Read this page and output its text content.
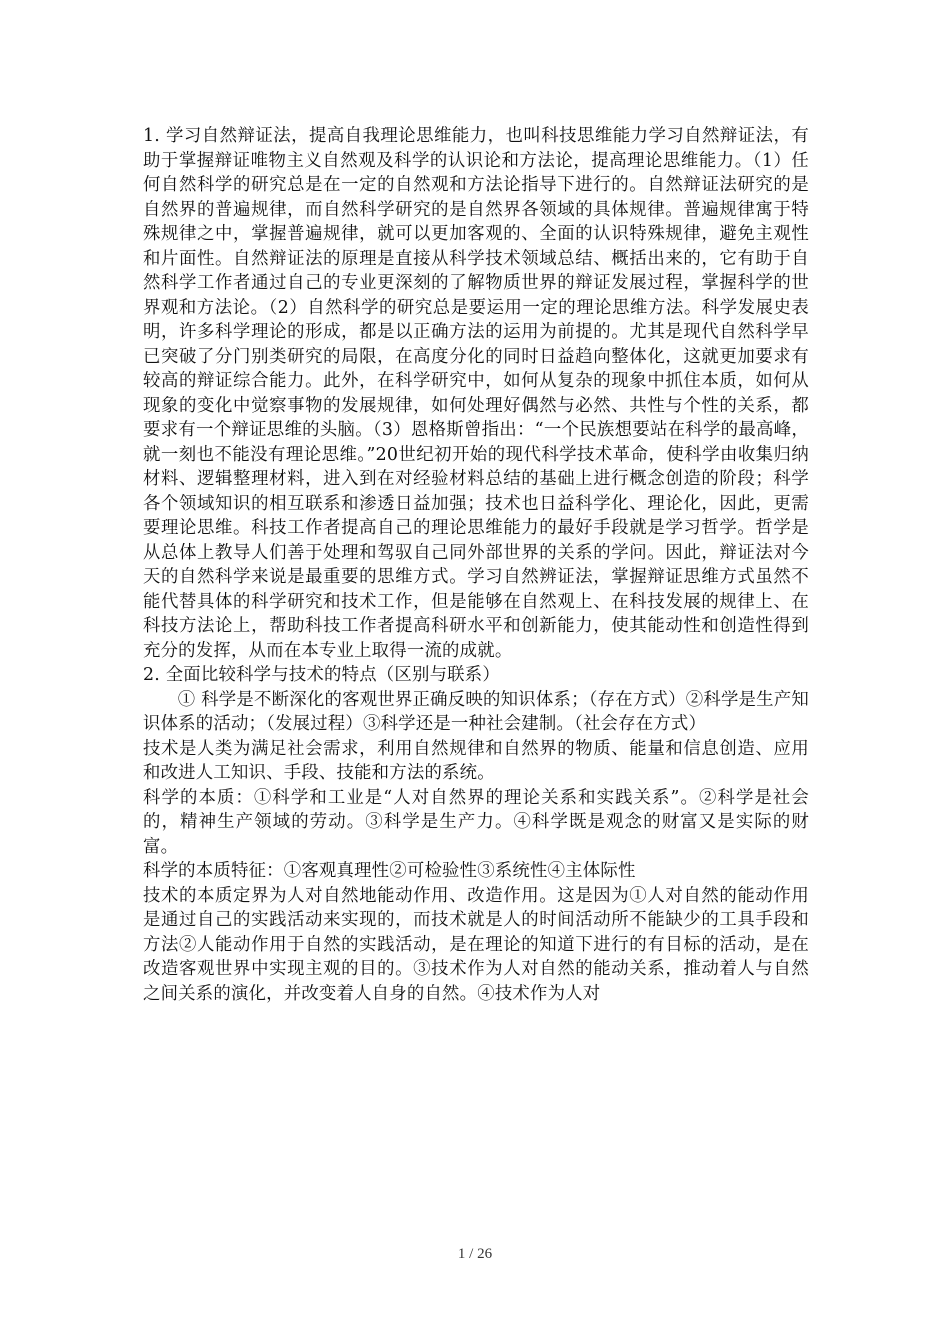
1. 学习自然辩证法，提高自我理论思维能力，也叫科技思维能力学习自然辩证法，有助于掌握辩证唯物主义自然观及科学的认识论和方法论，提高理论思维能力。（1）任何自然科学的研究总是在一定的自然观和方法论指导下进行的。自然辩证法研究的是自然界的普遍规律，而自然科学研究的是自然界各领域的具体规律。普遍规律寓于特殊规律之中，掌握普遍规律，就可以更加客观的、全面的认识特殊规律，避免主观性和片面性。自然辩证法的原理是直接从科学技术领域总结、概括出来的，它有助于自然科学工作者通过自己的专业更深刻的了解物质世界的辩证发展过程，掌握科学的世界观和方法论。（2）自然科学的研究总是要运用一定的理论思维方法。科学发展史表明，许多科学理论的形成，都是以正确方法的运用为前提的。尤其是现代自然科学早已突破了分门别类研究的局限，在高度分化的同时日益趋向整体化，这就更加要求有较高的辩证综合能力。此外，在科学研究中，如何从复杂的现象中抓住本质，如何从现象的变化中觉察事物的发展规律，如何处理好偶然与必然、共性与个性的关系，都要求有一个辩证思维的头脑。（3）恩格斯曾指出：“一个民族想要站在科学的最高峰，就一刻也不能没有理论思维。”20世纪初开始的现代科学技术革命，使科学由收集归纳材料、逻辑整理材料，进入到在对经验材料总结的基础上进行概念创造的阶段；科学各个领域知识的相互联系和渗透日益加强；技术也日益科学化、理论化，因此，更需要理论思维。科技工作者提高自己的理论思维能力的最好手段就是学习哲学。哲学是从总体上教导人们善于处理和驾驭自己同外部世界的关系的学问。因此，辩证法对今天的自然科学来说是最重要的思维方式。学习自然辨证法，掌握辩证思维方式虽然不能代替具体的科学研究和技术工作，但是能够在自然观上、在科技发展的规律上、在科技方法论上，帮助科技工作者提高科研水平和创新能力，使其能动性和创造性得到充分的发挥，从而在本专业上取得一流的成就。

2. 全面比较科学与技术的特点（区别与联系）

① 科学是不断深化的客观世界正确反映的知识体系；（存在方式）②科学是生产知识体系的活动；（发展过程）③科学还是一种社会建制。（社会存在方式）

技术是人类为满足社会需求，利用自然规律和自然界的物质、能量和信息创造、应用和改进人工知识、手段、技能和方法的系统。

科学的本质：①科学和工业是“人对自然界的理论关系和实践关系”。②科学是社会的，精神生产领域的劳动。③科学是生产力。④科学既是观念的财富又是实际的财富。

科学的本质特征：①客观真理性②可检验性③系统性④主体际性

技术的本质定界为人对自然地能动作用、改造作用。这是因为①人对自然的能动作用是通过自己的实践活动来实现的，而技术就是人的时间活动所不能缺少的工具手段和方法②人能动作用于自然的实践活动，是在理论的知道下进行的有目标的活动，是在改造客观世界中实现主观的目的。③技术作为人对自然的能动关系，推动着人与自然之间关系的演化，并改变着人自身的自然。④技术作为人对

1 / 26
